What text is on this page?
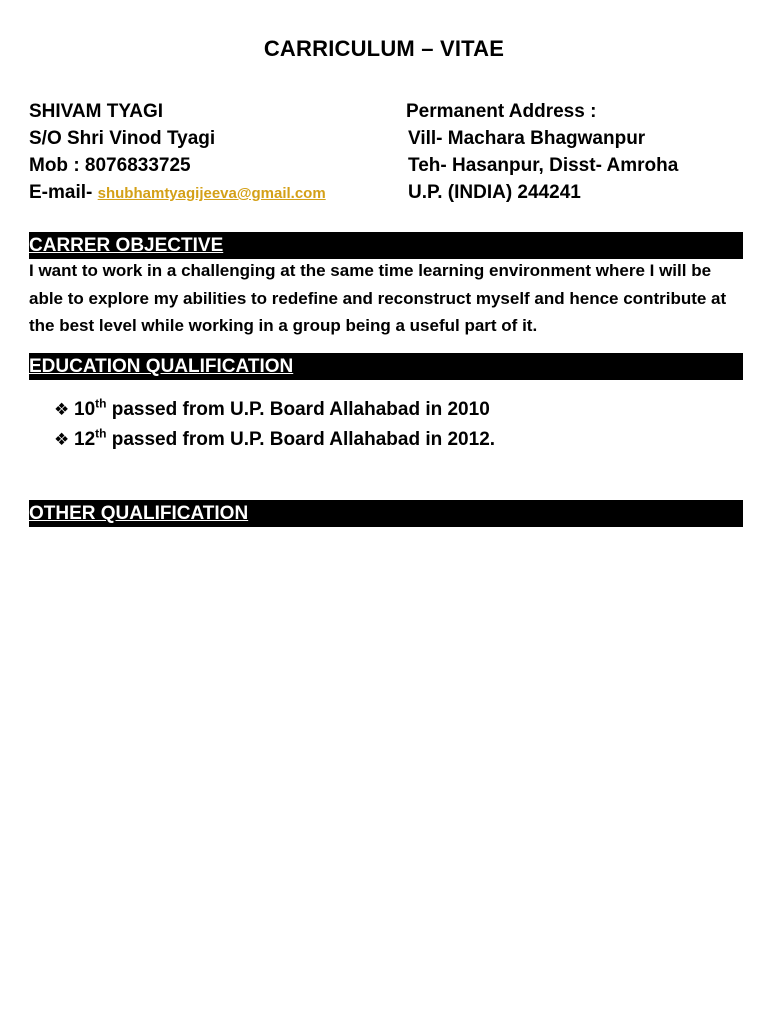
CARRICULUM – VITAE
SHIVAM TYAGI
S/O Shri Vinod Tyagi
Mob : 8076833725
E-mail- shubhamtyagijeeva@gmail.com
Permanent Address :
Vill- Machara Bhagwanpur
Teh- Hasanpur, Disst- Amroha
U.P. (INDIA) 244241
CARRER OBJECTIVE
I want to work in a challenging at the same time learning environment where I will be able to explore my abilities to redefine and reconstruct myself and hence contribute at the best level while working in a group being a useful part of it.
EDUCATION QUALIFICATION
❖ 10th passed from U.P. Board Allahabad in 2010
❖ 12th passed from U.P. Board Allahabad in 2012.
OTHER QUALIFICATION
